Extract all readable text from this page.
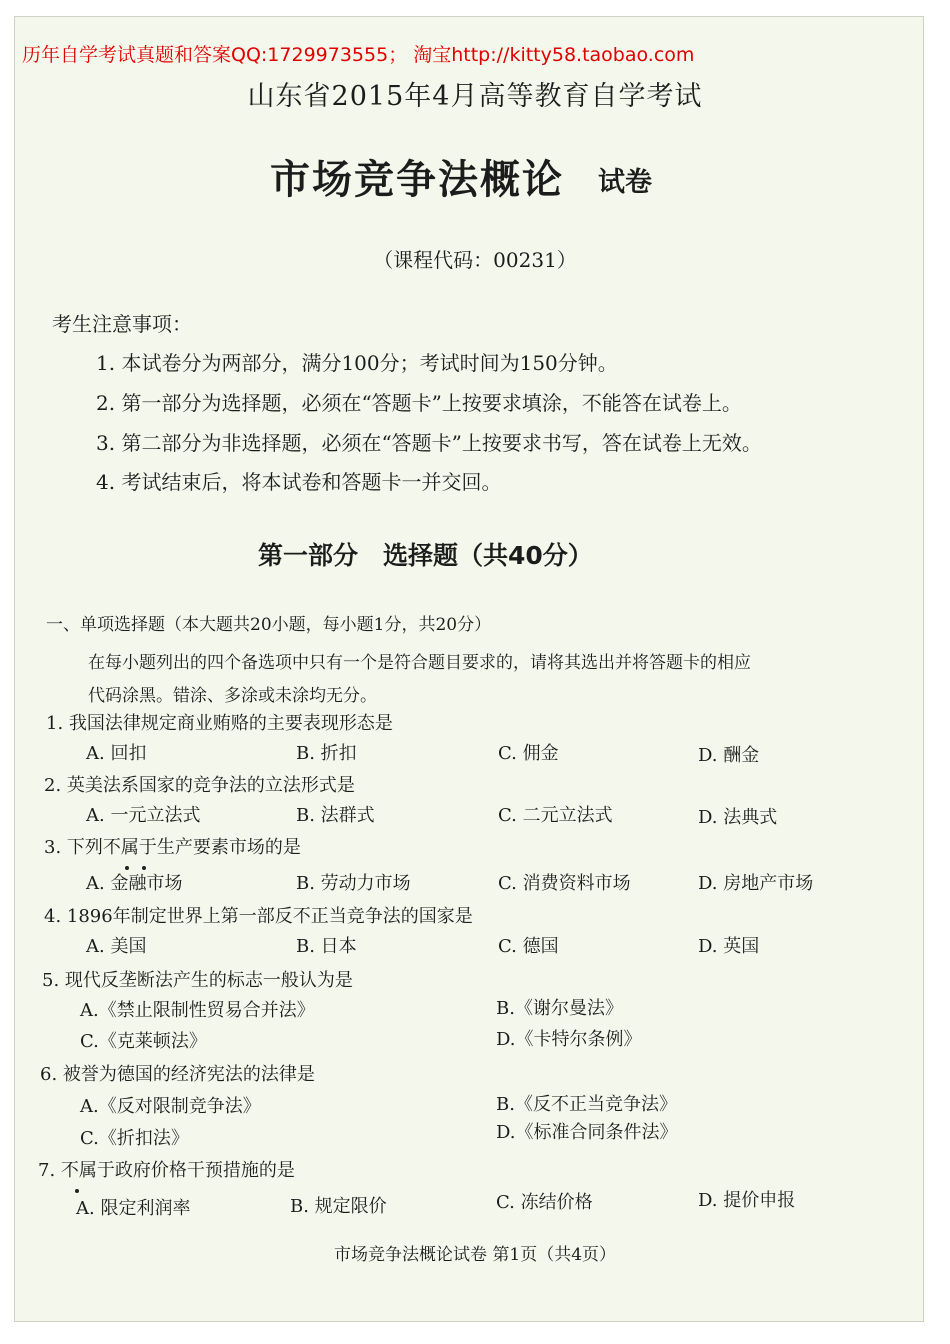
历年自学考试真题和答案QQ:1729973555； 淘宝http://kitty58.taobao.com
山东省2015年4月高等教育自学考试
市场竞争法概论 试卷
（课程代码：00231）
考生注意事项：
1. 本试卷分为两部分，满分100分；考试时间为150分钟。
2. 第一部分为选择题，必须在“答题卡”上按要求填涂，不能答在试卷上。
3. 第二部分为非选择题，必须在“答题卡”上按要求书写，答在试卷上无效。
4. 考试结束后，将本试卷和答题卡一并交回。
第一部分　选择题（共40分）
一、单项选择题（本大题共20小题，每小题1分，共20分）
在每小题列出的四个备选项中只有一个是符合题目要求的，请将其选出并将答题卡的相应
代码涂黑。错涂、多涂或未涂均无分。
1. 我国法律规定商业贿赂的主要表现形态是
A. 回扣	B. 折扣	C. 佣金	D. 酬金
2. 英美法系国家的竞争法的立法形式是
A. 一元立法式	B. 法群式	C. 二元立法式	D. 法典式
3. 下列不属于生产要素市场的是
A. 金融市场	B. 劳动力市场	C. 消费资料市场	D. 房地产市场
4. 1896年制定世界上第一部反不正当竞争法的国家是
A. 美国	B. 日本	C. 德国	D. 英国
5. 现代反垄断法产生的标志一般认为是
A.《禁止限制性贸易合并法》	B.《谢尔曼法》
C.《克莱顿法》	D.《卡特尔条例》
6. 被誉为德国的经济宪法的法律是
A.《反对限制竞争法》	B.《反不正当竞争法》
C.《折扣法》	D.《标准合同条件法》
7. 不属于政府价格干预措施的是
A. 限定利润率	B. 规定限价	C. 冻结价格	D. 提价申报
市场竞争法概论试卷 第1页（共4页）
